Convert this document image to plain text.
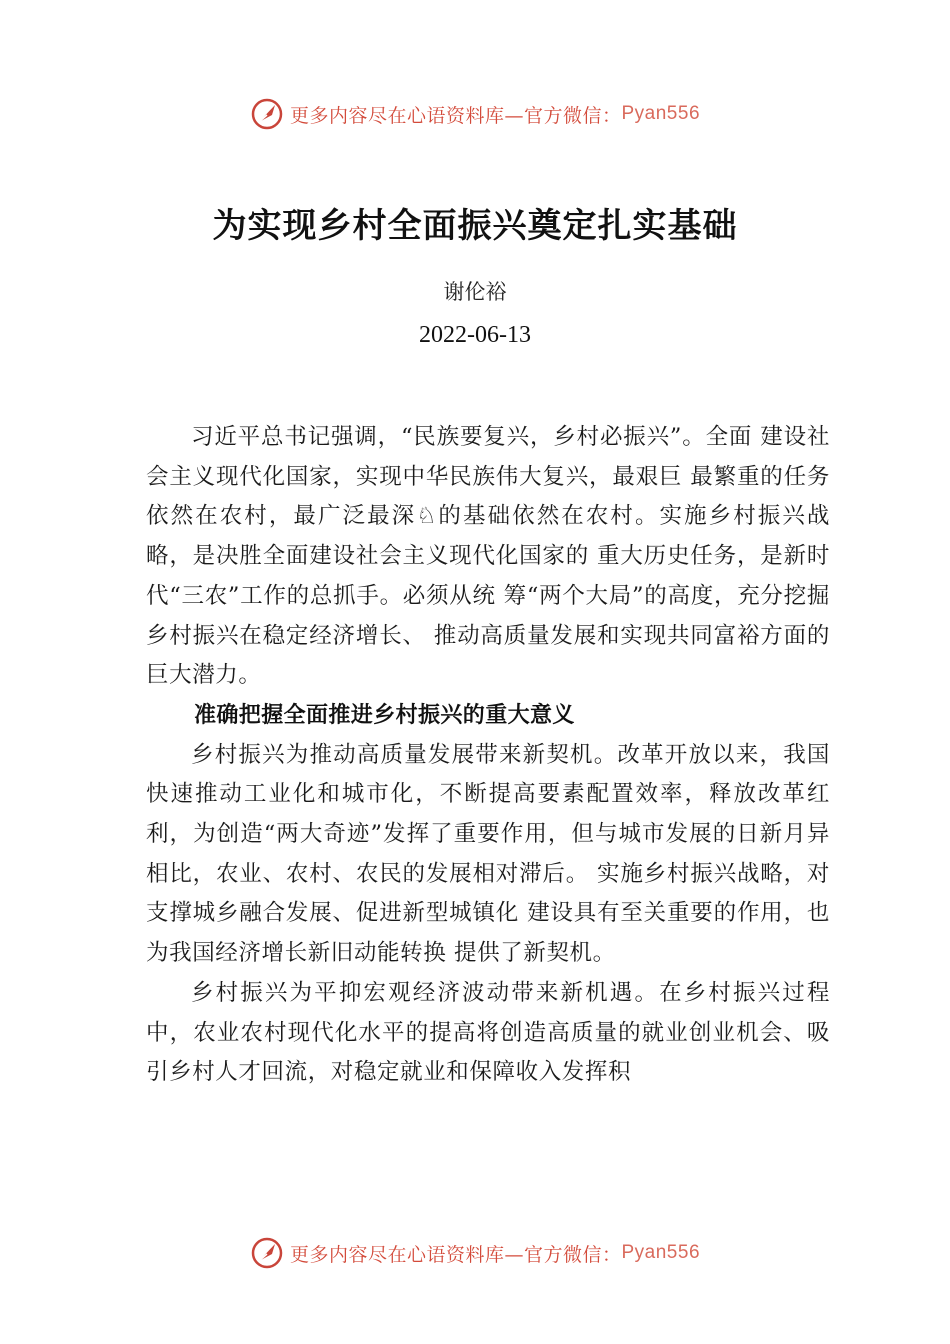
更多内容尽在心语资料库—官方微信： Pyan556
为实现乡村全面振兴奠定扎实基础
谢伦裕
2022-06-13

习近平总书记强调，“民族要复兴，乡村必振兴”。全面 建设社会主义现代化国家，实现中华民族伟大复兴，最艰巨 最繁重的任务依然在农村，最广泛最深♘的基础依然在农村。实施乡村振兴战略，是决胜全面建设社会主义现代化国家的 重大历史任务，是新时代“三农”工作的总抓手。必须从统 筹“两个大局”的高度，充分挖掘乡村振兴在稳定经济增长、 推动高质量发展和实现共同富裕方面的巨大潜力。

准确把握全面推进乡村振兴的重大意义

乡村振兴为推动高质量发展带来新契机。改革开放以来，我国快速推动工业化和城市化，不断提高要素配置效率，释放改革红利，为创造“两大奇迹”发挥了重要作用，但与城市发展的日新月异相比，农业、农村、农民的发展相对滞后。 实施乡村振兴战略，对支撑城乡融合发展、促进新型城镇化 建设具有至关重要的作用，也为我国经济增长新旧动能转换 提供了新契机。

乡村振兴为平抑宏观经济波动带来新机遇。在乡村振兴过程中，农业农村现代化水平的提高将创造高质量的就业创业机会、吸引乡村人才回流，对稳定就业和保障收入发挥积

更多内容尽在心语资料库—官方微信： Pyan556
